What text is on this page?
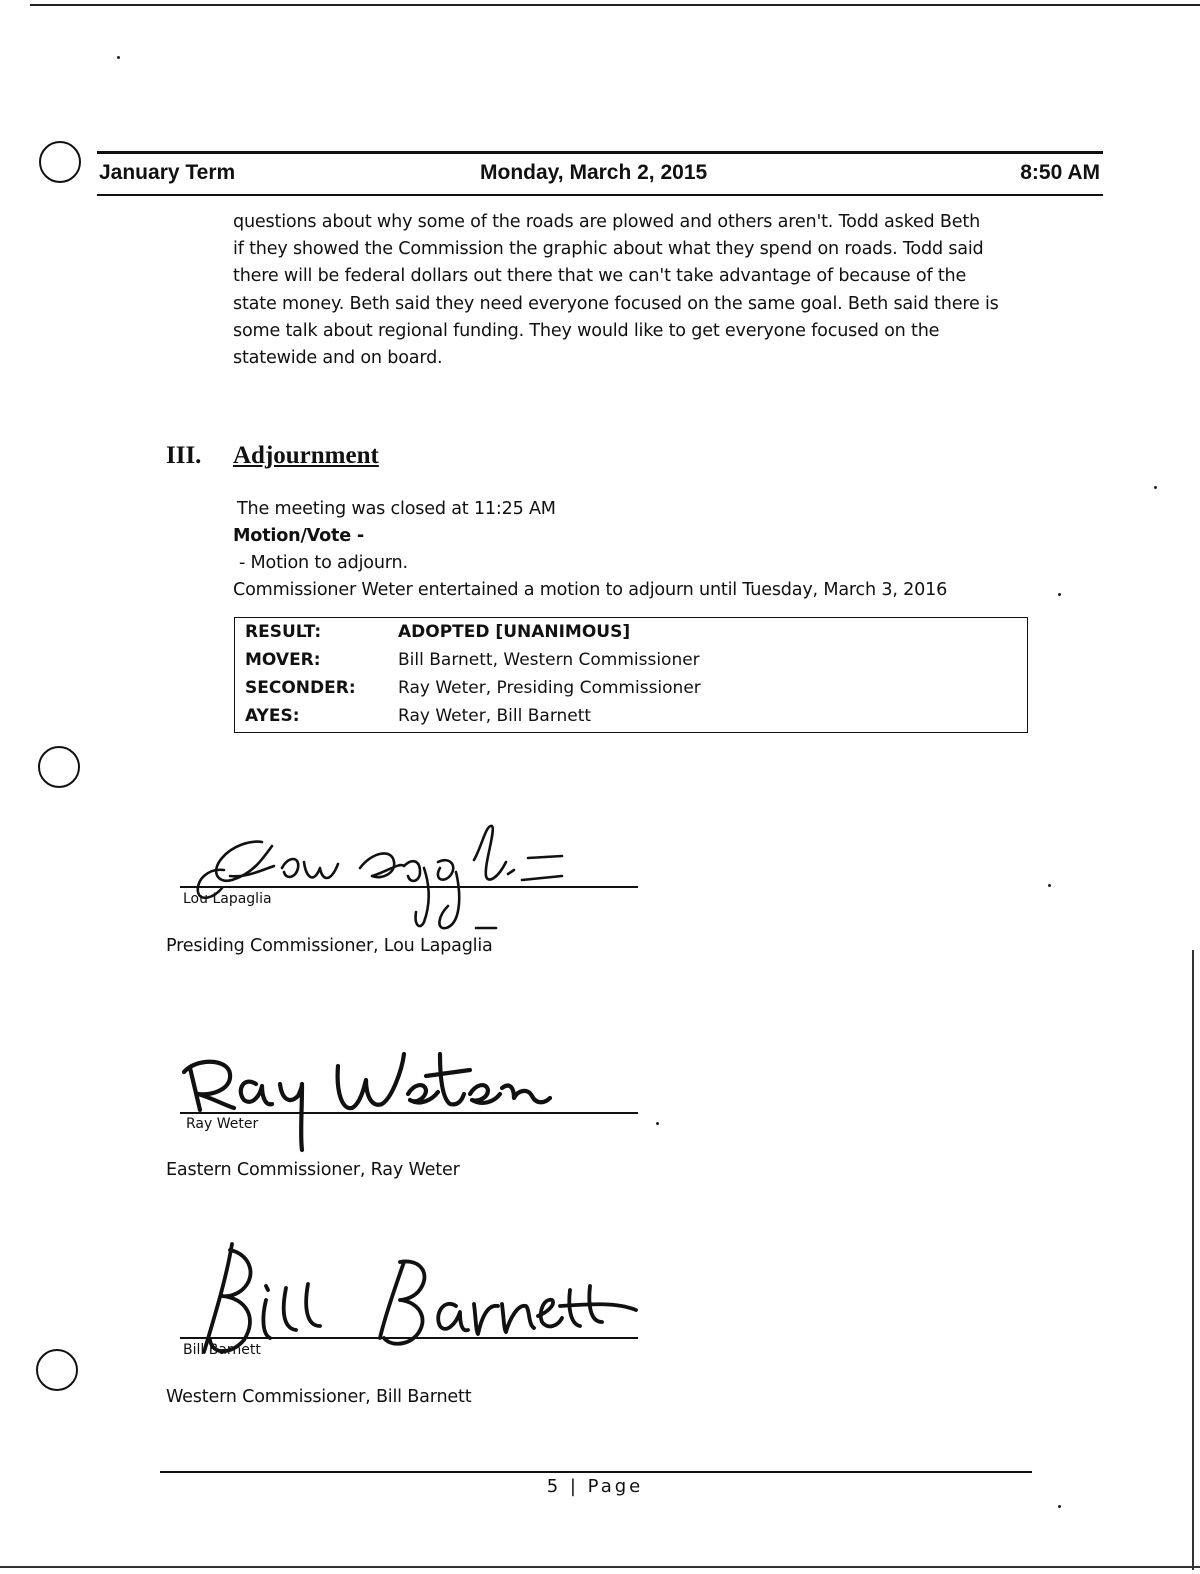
January Term	Monday, March 2, 2015	8:50 AM
questions about why some of the roads are plowed and others aren't. Todd asked Beth
if they showed the Commission the graphic about what they spend on roads. Todd said
there will be federal dollars out there that we can't take advantage of because of the
state money. Beth said they need everyone focused on the same goal. Beth said there is
some talk about regional funding. They would like to get everyone focused on the
statewide and on board.
III. Adjournment
The meeting was closed at 11:25 AM
Motion/Vote -
- Motion to adjourn.
Commissioner Weter entertained a motion to adjourn until Tuesday, March 3, 2016
RESULT:	ADOPTED [UNANIMOUS]
MOVER:	Bill Barnett, Western Commissioner
SECONDER: Ray Weter, Presiding Commissioner
AYES:	Ray Weter, Bill Barnett
Lou Lapaglia
Presiding Commissioner, Lou Lapaglia
Ray Weter
Eastern Commissioner, Ray Weter
Bill Barnett
Western Commissioner, Bill Barnett
5 | Page
